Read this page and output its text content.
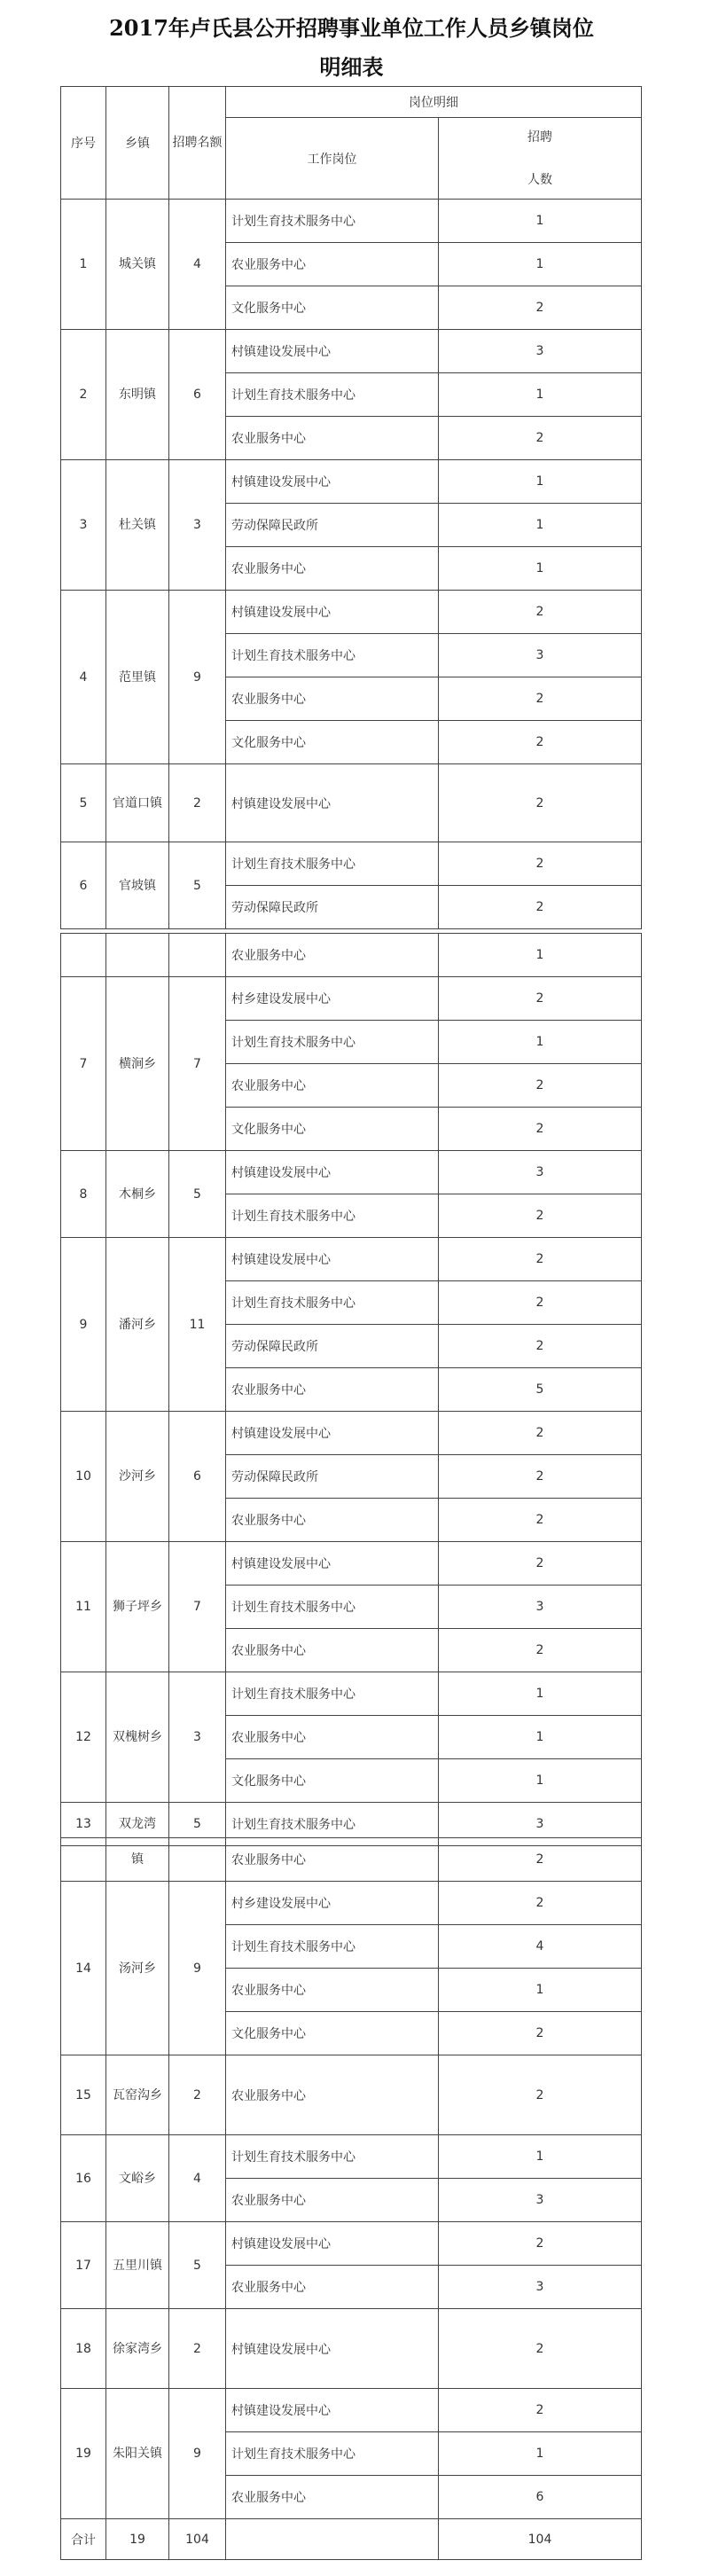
2017年卢氏县公开招聘事业单位工作人员乡镇岗位
明细表
序号	乡镇	招聘名额	岗位明细	
			工作岗位	招聘

人数
1	城关镇	4	计划生育技术服务中心	1
			农业服务中心	1
			文化服务中心	2
2	东明镇	6	村镇建设发展中心	3
			计划生育技术服务中心	1
			农业服务中心	2
3	杜关镇	3	村镇建设发展中心	1
			劳动保障民政所	1
			农业服务中心	1
4	范里镇	9	村镇建设发展中心	2
			计划生育技术服务中心	3
			农业服务中心	2
			文化服务中心	2
5	官道口镇	2	村镇建设发展中心	2
6	官坡镇	5	计划生育技术服务中心	2
			劳动保障民政所	2
			农业服务中心	1
7	横涧乡	7	村乡建设发展中心	2
			计划生育技术服务中心	1
			农业服务中心	2
			文化服务中心	2
8	木桐乡	5	村镇建设发展中心	3
			计划生育技术服务中心	2
9	潘河乡	11	村镇建设发展中心	2
			计划生育技术服务中心	2
			劳动保障民政所	2
			农业服务中心	5
10	沙河乡	6	村镇建设发展中心	2
			劳动保障民政所	2
			农业服务中心	2
11	狮子坪乡	7	村镇建设发展中心	2
			计划生育技术服务中心	3
			农业服务中心	2
12	双槐树乡	3	计划生育技术服务中心	1
			农业服务中心	1
			文化服务中心	1
13	双龙湾	5	计划生育技术服务中心	3
	镇		农业服务中心	2
14	汤河乡	9	村乡建设发展中心	2
			计划生育技术服务中心	4
			农业服务中心	1
			文化服务中心	2
15	瓦窑沟乡	2	农业服务中心	2
16	文峪乡	4	计划生育技术服务中心	1
			农业服务中心	3
17	五里川镇	5	村镇建设发展中心	2
			农业服务中心	3
18	徐家湾乡	2	村镇建设发展中心	2
19	朱阳关镇	9	村镇建设发展中心	2
			计划生育技术服务中心	1
			农业服务中心	6
合计	19	104		104
